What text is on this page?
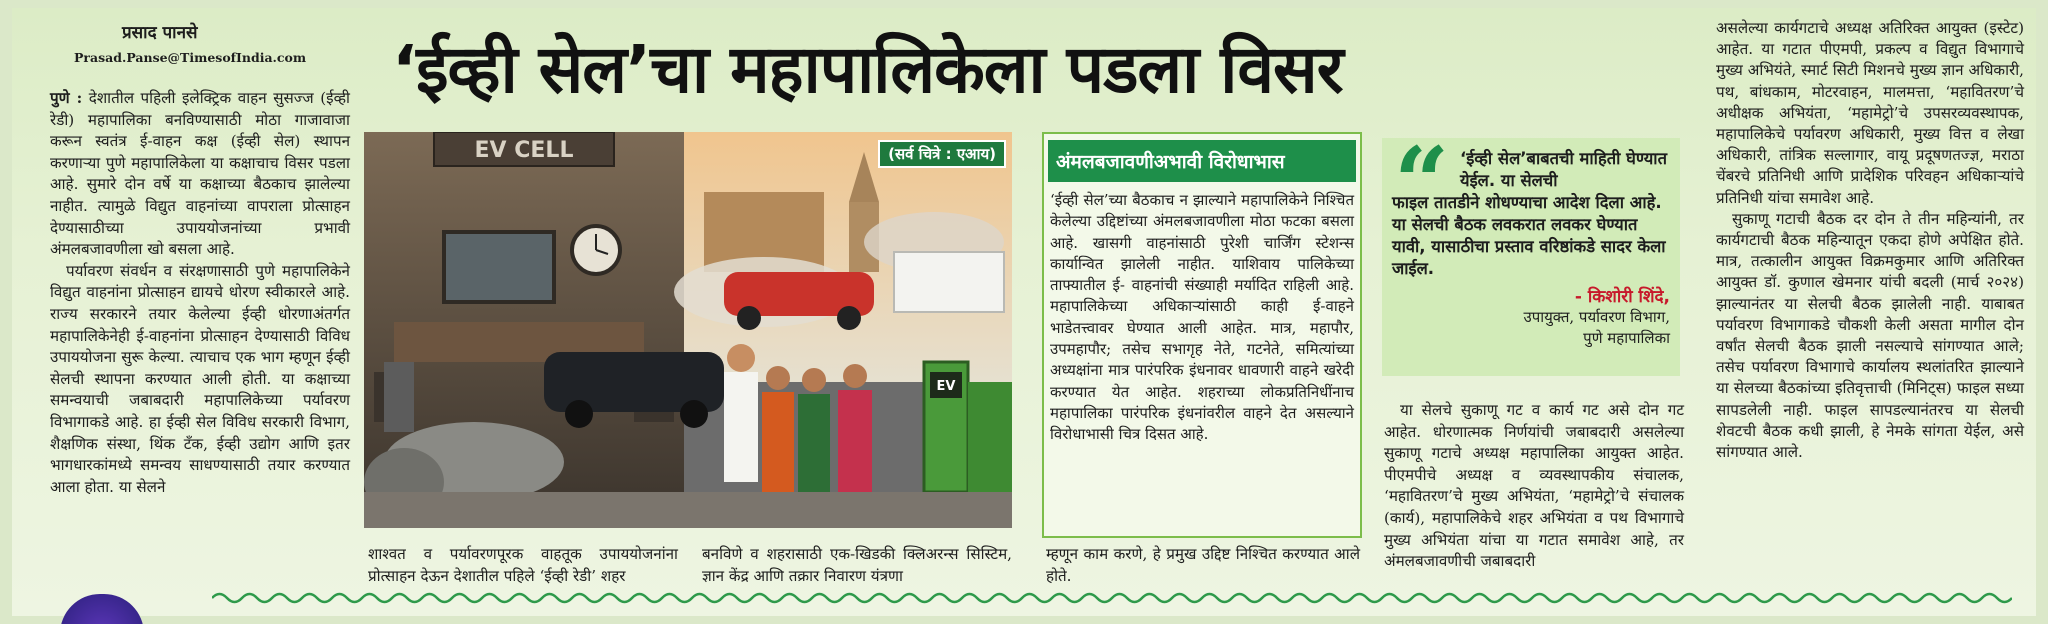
प्रसाद पानसे
Prasad.Panse@TimesofIndia.com ‘ईव्ही सेल’चा महापालिकेला पडला विसर

पुणे : देशातील पहिली इलेक्ट्रिक वाहन सुसज्ज (ईव्ही रेडी) महापालिका बनविण्यासाठी मोठा गाजावाजा करून स्वतंत्र ई-वाहन कक्ष (ईव्ही सेल) स्थापन करणाऱ्या पुणे महापालिकेला या कक्षाचाच विसर पडला आहे. सुमारे दोन वर्षे या कक्षाच्या बैठकाच झालेल्या नाहीत. त्यामुळे विद्युत वाहनांच्या वापराला प्रोत्साहन देण्यासाठीच्या उपाययोजनांच्या प्रभावी अंमलबजावणीला खो बसला आहे.

पर्यावरण संवर्धन व संरक्षणासाठी पुणे महापालिकेने विद्युत वाहनांना प्रोत्साहन द्यायचे धोरण स्वीकारले आहे. राज्य सरकारने तयार केलेल्या ईव्ही धोरणाअंतर्गत महापालिकेनेही ई-वाहनांना प्रोत्साहन देण्यासाठी विविध उपाययोजना सुरू केल्या. त्याचाच एक भाग म्हणून ईव्ही सेलची स्थापना करण्यात आली होती. या कक्षाच्या समन्वयाची जबाबदारी महापालिकेच्या पर्यावरण विभागाकडे आहे. हा ईव्ही सेल विविध सरकारी विभाग, शैक्षणिक संस्था, थिंक टँक, ईव्ही उद्योग आणि इतर भागधारकांमध्ये समन्वय साधण्यासाठी तयार करण्यात आला होता. या सेलने

EV CELL
EV
(सर्व चित्रे : एआय)

शाश्वत व पर्यावरणपूरक वाहतूक उपाययोजनांना प्रोत्साहन देऊन देशातील पहिले ‘ईव्ही रेडी’ शहर

बनविणे व शहरासाठी एक-खिडकी क्लिअरन्स सिस्टिम, ज्ञान केंद्र आणि तक्रार निवारण यंत्रणा

अंमलबजावणीअभावी विरोधाभास
‘ईव्ही सेल’च्या बैठकाच न झाल्याने महापालिकेने निश्चित केलेल्या उद्दिष्टांच्या अंमलबजावणीला मोठा फटका बसला आहे. खासगी वाहनांसाठी पुरेशी चार्जिंग स्टेशन्स कार्यान्वित झालेली नाहीत. याशिवाय पालिकेच्या ताफ्यातील ई- वाहनांची संख्याही मर्यादित राहिली आहे. महापालिकेच्या अधिकाऱ्यांसाठी काही ई-वाहने भाडेतत्त्वावर घेण्यात आली आहेत. मात्र, महापौर, उपमहापौर; तसेच सभागृह नेते, गटनेते, समित्यांच्या अध्यक्षांना मात्र पारंपरिक इंधनावर धावणारी वाहने खरेदी करण्यात येत आहेत. शहराच्या लोकप्रतिनिधींनाच महापालिका पारंपरिक इंधनांवरील वाहने देत असल्याने विरोधाभासी चित्र दिसत आहे.

म्हणून काम करणे, हे प्रमुख उद्दिष्ट निश्चित करण्यात आले होते.

“ ‘ईव्ही सेल’बाबतची माहिती घेण्यात येईल. या सेलची
फाइल तातडीने शोधण्याचा आदेश दिला आहे. या सेलची बैठक लवकरात लवकर घेण्यात यावी, यासाठीचा प्रस्ताव वरिष्ठांकडे सादर केला जाईल.
- किशोरी शिंदे,
उपायुक्त, पर्यावरण विभाग,
पुणे महापालिका

या सेलचे सुकाणू गट व कार्य गट असे दोन गट आहेत. धोरणात्मक निर्णयांची जबाबदारी असलेल्या सुकाणू गटाचे अध्यक्ष महापालिका आयुक्त आहेत. पीएमपीचे अध्यक्ष व व्यवस्थापकीय संचालक, ‘महावितरण’चे मुख्य अभियंता, ‘महामेट्रो’चे संचालक (कार्य), महापालिकेचे शहर अभियंता व पथ विभागाचे मुख्य अभियंता यांचा या गटात समावेश आहे, तर अंमलबजावणीची जबाबदारी

असलेल्या कार्यगटाचे अध्यक्ष अतिरिक्त आयुक्त (इस्टेट) आहेत. या गटात पीएमपी, प्रकल्प व विद्युत विभागाचे मुख्य अभियंते, स्मार्ट सिटी मिशनचे मुख्य ज्ञान अधिकारी, पथ, बांधकाम, मोटरवाहन, मालमत्ता, ‘महावितरण’चे अधीक्षक अभियंता, ‘महामेट्रो’चे उपसरव्यवस्थापक, महापालिकेचे पर्यावरण अधिकारी, मुख्य वित्त व लेखा अधिकारी, तांत्रिक सल्लागार, वायू प्रदूषणतज्ज्ञ, मराठा चेंबरचे प्रतिनिधी आणि प्रादेशिक परिवहन अधिकाऱ्यांचे प्रतिनिधी यांचा समावेश आहे.

सुकाणू गटाची बैठक दर दोन ते तीन महिन्यांनी, तर कार्यगटाची बैठक महिन्यातून एकदा होणे अपेक्षित होते. मात्र, तत्कालीन आयुक्त विक्रमकुमार आणि अतिरिक्त आयुक्त डॉ. कुणाल खेमनार यांची बदली (मार्च २०२४) झाल्यानंतर या सेलची बैठक झालेली नाही. याबाबत पर्यावरण विभागाकडे चौकशी केली असता मागील दोन वर्षांत सेलची बैठक झाली नसल्याचे सांगण्यात आले; तसेच पर्यावरण विभागाचे कार्यालय स्थलांतरित झाल्याने या सेलच्या बैठकांच्या इतिवृत्ताची (मिनिट्स) फाइल सध्या सापडलेली नाही. फाइल सापडल्यानंतरच या सेलची शेवटची बैठक कधी झाली, हे नेमके सांगता येईल, असे सांगण्यात आले.
